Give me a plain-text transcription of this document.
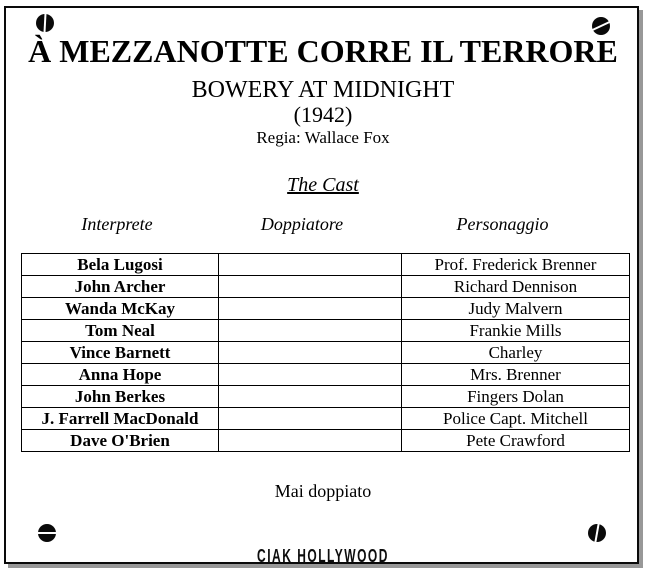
À MEZZANOTTE CORRE IL TERRORE
BOWERY AT MIDNIGHT
(1942)
Regia: Wallace Fox
The Cast
Interprete	Doppiatore	Personaggio
Bela Lugosi		Prof. Frederick Brenner
John Archer		Richard Dennison
Wanda McKay		Judy Malvern
Tom Neal		Frankie Mills
Vince Barnett		Charley
Anna Hope		Mrs. Brenner
John Berkes		Fingers Dolan
J. Farrell MacDonald		Police Capt. Mitchell
Dave O'Brien		Pete Crawford
Mai doppiato
CIAK HOLLYWOOD
